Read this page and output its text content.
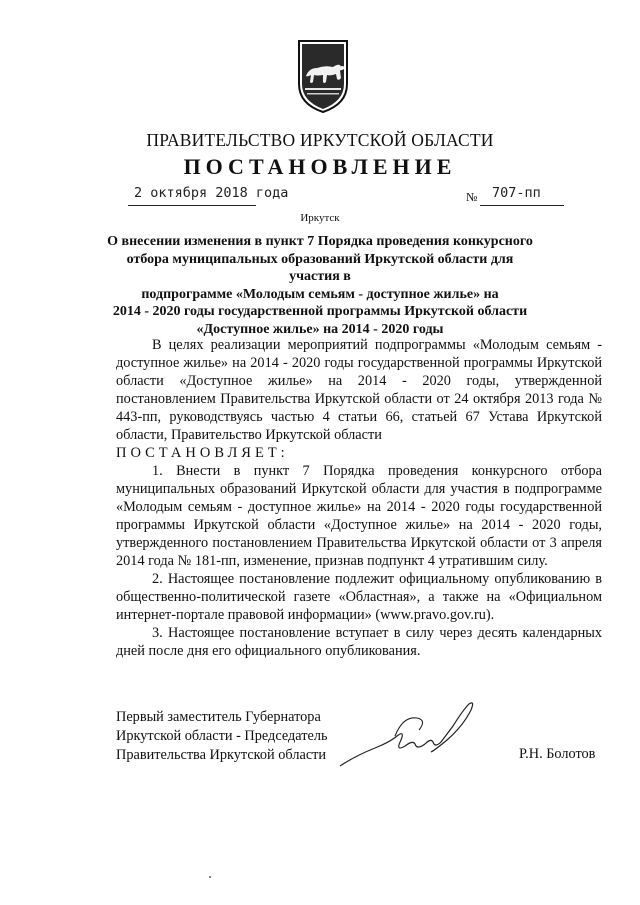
ПРАВИТЕЛЬСТВО ИРКУТСКОЙ ОБЛАСТИ
ПОСТАНОВЛЕНИЕ
2 октября 2018 года	№ 707-пп
Иркутск
О внесении изменения в пункт 7 Порядка проведения конкурсного
отбора муниципальных образований Иркутской области для участия в
подпрограмме «Молодым семьям - доступное жилье» на
2014 - 2020 годы государственной программы Иркутской области
«Доступное жилье» на 2014 - 2020 годы

В целях реализации мероприятий подпрограммы «Молодым семьям - доступное жилье» на 2014 - 2020 годы государственной программы Иркутской области «Доступное жилье» на 2014 - 2020 годы, утвержденной постановлением Правительства Иркутской области от 24 октября 2013 года № 443-пп, руководствуясь частью 4 статьи 66, статьей 67 Устава Иркутской области, Правительство Иркутской области

ПОСТАНОВЛЯЕТ:

1. Внести в пункт 7 Порядка проведения конкурсного отбора муниципальных образований Иркутской области для участия в подпрограмме «Молодым семьям - доступное жилье» на 2014 - 2020 годы государственной программы Иркутской области «Доступное жилье» на 2014 - 2020 годы, утвержденного постановлением Правительства Иркутской области от 3 апреля 2014 года № 181-пп, изменение, признав подпункт 4 утратившим силу.

2. Настоящее постановление подлежит официальному опубликованию в общественно-политической газете «Областная», а также на «Официальном интернет-портале правовой информации» (www.pravo.gov.ru).

3. Настоящее постановление вступает в силу через десять календарных дней после дня его официального опубликования.

Первый заместитель Губернатора
Иркутской области - Председатель
Правительства Иркутской области	Р.Н. Болотов
